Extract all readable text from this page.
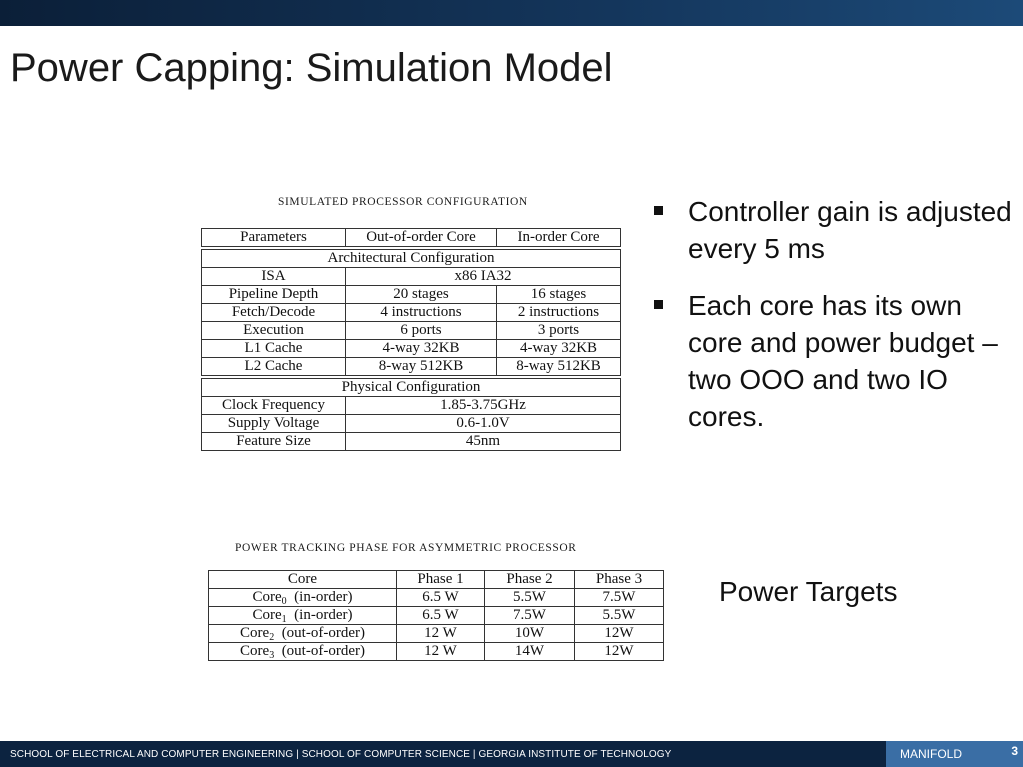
Power Capping: Simulation Model
SIMULATED PROCESSOR CONFIGURATION
Parameters	Out-of-order Core	In-order Core

Architectural Configuration		
ISA	x86 IA32	
Pipeline Depth	20 stages	16 stages
Fetch/Decode	4 instructions	2 instructions
Execution	6 ports	3 ports
L1 Cache	4-way 32KB	4-way 32KB
L2 Cache	8-way 512KB	8-way 512KB

Physical Configuration		
Clock Frequency	1.85-3.75GHz	
Supply Voltage	0.6-1.0V	
Feature Size	45nm	
POWER TRACKING PHASE FOR ASYMMETRIC PROCESSOR
Core	Phase 1	Phase 2	Phase 3
Core$_0$ (in-order)	6.5 W	5.5W	7.5W
Core$_1$ (in-order)	6.5 W	7.5W	5.5W
Core$_2$ (out-of-order)	12 W	10W	12W
Core$_3$ (out-of-order)	12 W	14W	12W
Controller gain is adjusted every 5 ms
Each core has its own core and power budget – two OOO and two IO cores.
Power Targets
SCHOOL OF ELECTRICAL AND COMPUTER ENGINEERING | SCHOOL OF COMPUTER SCIENCE | GEORGIA INSTITUTE OF TECHNOLOGY	MANIFOLD	3
